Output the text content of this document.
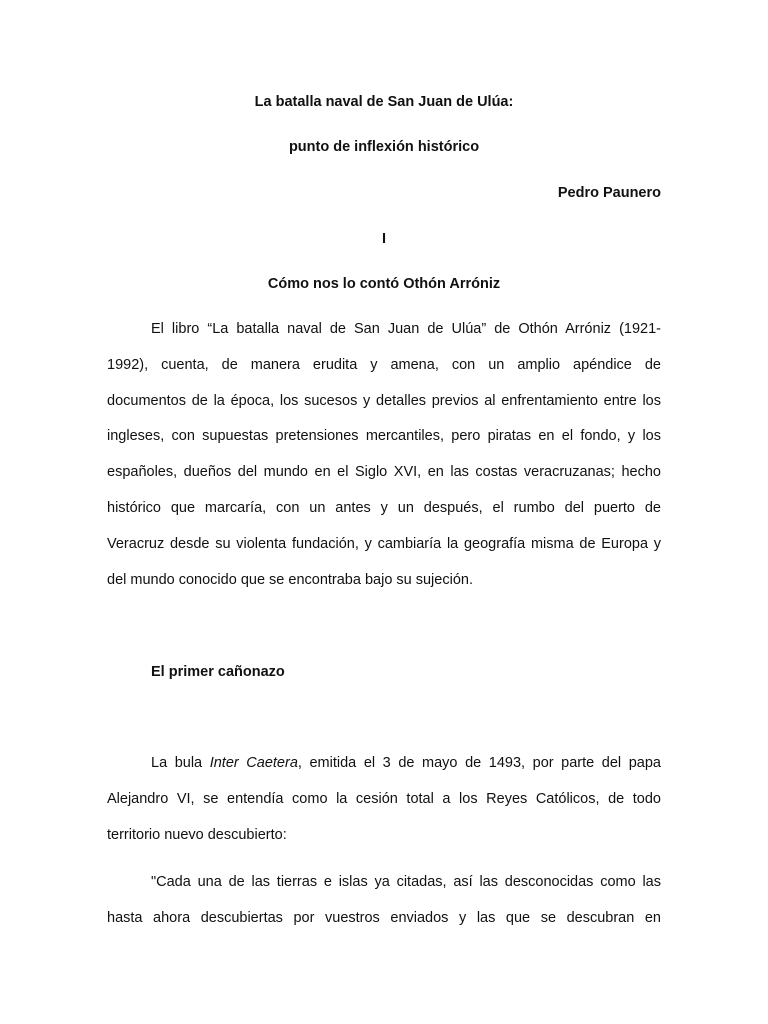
La batalla naval de San Juan de Ulúa:

punto de inflexión histórico

Pedro Paunero

I

Cómo nos lo contó Othón Arróniz

El libro “La batalla naval de San Juan de Ulúa” de Othón Arróniz (1921-
1992), cuenta, de manera erudita y amena, con un amplio apéndice de
documentos de la época, los sucesos y detalles previos al enfrentamiento entre los
ingleses, con supuestas pretensiones mercantiles, pero piratas en el fondo, y los
españoles, dueños del mundo en el Siglo XVI, en las costas veracruzanas; hecho
histórico que marcaría, con un antes y un después, el rumbo del puerto de
Veracruz desde su violenta fundación, y cambiaría la geografía misma de Europa y
del mundo conocido que se encontraba bajo su sujeción.

El primer cañonazo

La bula Inter Caetera, emitida el 3 de mayo de 1493, por parte del papa
Alejandro VI, se entendía como la cesión total a los Reyes Católicos, de todo
territorio nuevo descubierto:
"Cada una de las tierras e islas ya citadas, así las desconocidas como las
hasta ahora descubiertas por vuestros enviados y las que se descubran en
